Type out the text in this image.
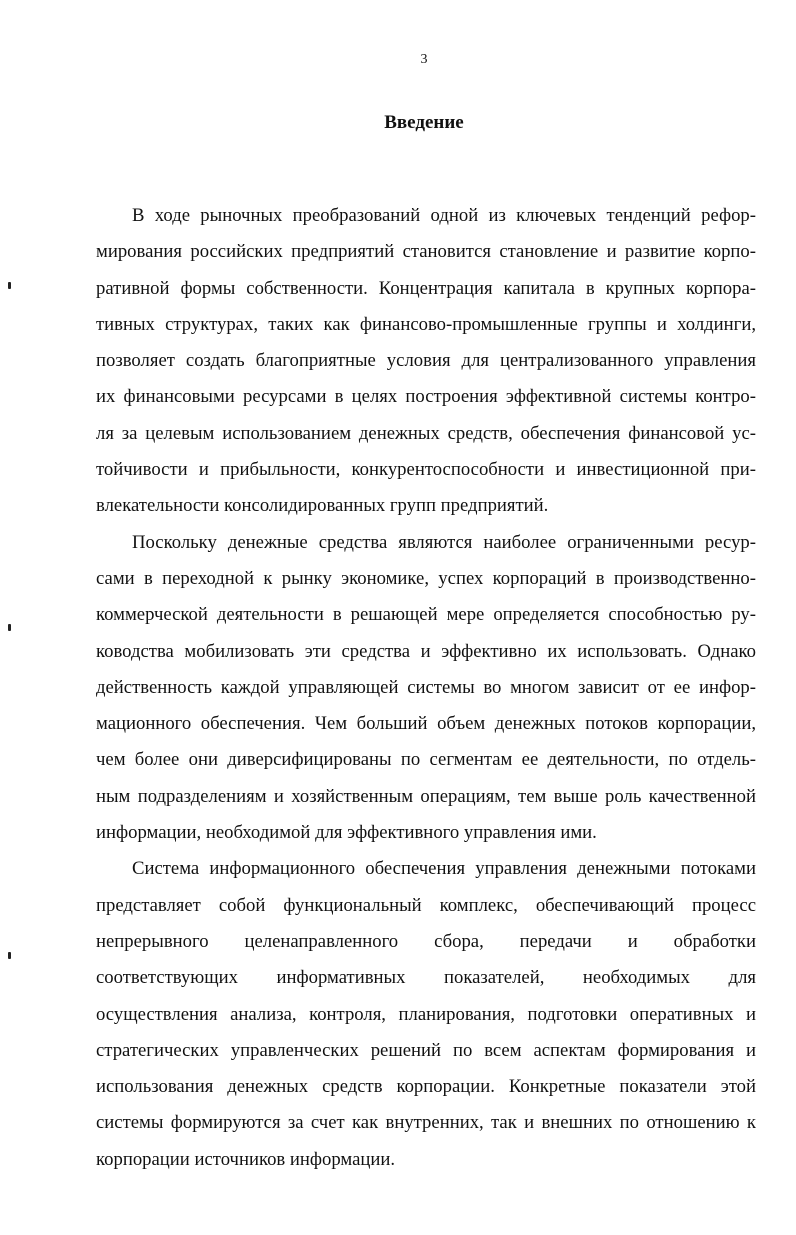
3
Введение
В ходе рыночных преобразований одной из ключевых тенденций рефор-
мирования российских предприятий становится становление и развитие корпо-
ративной формы собственности. Концентрация капитала в крупных корпора-
тивных структурах, таких как финансово-промышленные группы и холдинги,
позволяет создать благоприятные условия для централизованного управления
их финансовыми ресурсами в целях построения эффективной системы контро-
ля за целевым использованием денежных средств, обеспечения финансовой ус-
тойчивости и прибыльности, конкурентоспособности и инвестиционной при-
влекательности консолидированных групп предприятий.
Поскольку денежные средства являются наиболее ограниченными ресур-
сами в переходной к рынку экономике, успех корпораций в производственно-
коммерческой деятельности в решающей мере определяется способностью ру-
ководства мобилизовать эти средства и эффективно их использовать. Однако
действенность каждой управляющей системы во многом зависит от ее инфор-
мационного обеспечения. Чем больший объем денежных потоков корпорации,
чем более они диверсифицированы по сегментам ее деятельности, по отдель-
ным подразделениям и хозяйственным операциям, тем выше роль качественной
информации, необходимой для эффективного управления ими.
Система информационного обеспечения управления денежными потоками
представляет собой функциональный комплекс, обеспечивающий процесс
непрерывного целенаправленного сбора, передачи и обработки
соответствующих информативных показателей, необходимых для
осуществления анализа, контроля, планирования, подготовки оперативных и
стратегических управленческих решений по всем аспектам формирования и
использования денежных средств корпорации. Конкретные показатели этой
системы формируются за счет как внутренних, так и внешних по отношению к
корпорации источников информации.
